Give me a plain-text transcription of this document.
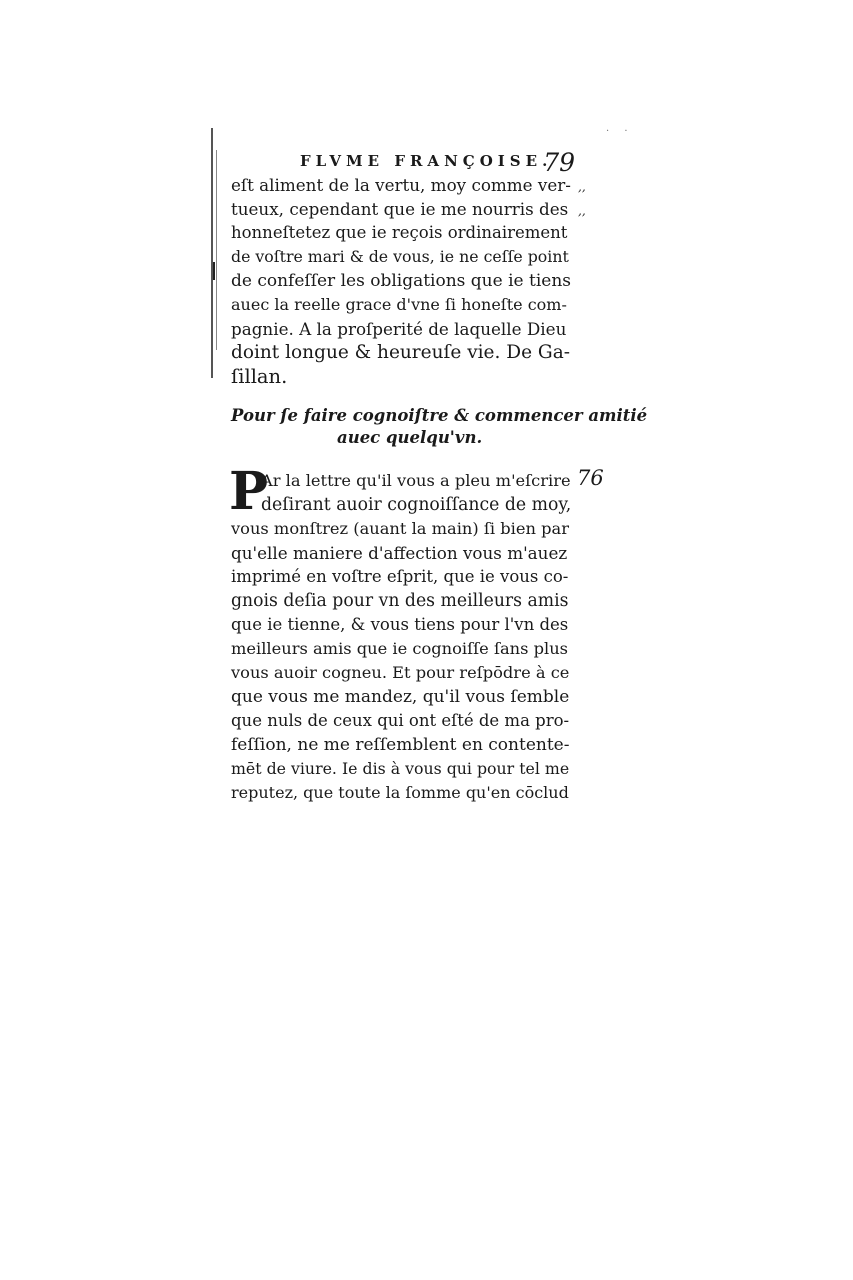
· ·
FLVME FRANÇOISE.
79
eſt aliment de la vertu, moy comme ver-
tueux, cependant que ie me nourris des
honneſtetez que ie reçois ordinairement
de voſtre mari & de vous, ie ne ceſſe point
de confeſſer les obligations que ie tiens
auec la reelle grace d'vne ſi honeſte com-
pagnie. A la proſperité de laquelle Dieu
doint longue & heureuſe vie. De Ga-
ſillan.
,,
,,
Pour ſe faire cognoiſtre & commencer amitié
auec quelqu'vn.
P	76
Ar la lettre qu'il vous a pleu m'eſcrire
deſirant auoir cognoiſſance de moy,
vous monſtrez (auant la main) ſi bien par
qu'elle maniere d'affection vous m'auez
imprimé en voſtre eſprit, que ie vous co-
gnois deſia pour vn des meilleurs amis
que ie tienne, & vous tiens pour l'vn des
meilleurs amis que ie cognoiſſe ſans plus
vous auoir cogneu. Et pour reſpōdre à ce
que vous me mandez, qu'il vous ſemble
que nuls de ceux qui ont eſté de ma pro-
feſſion, ne me reſſemblent en contente-
mēt de viure. Ie dis à vous qui pour tel me
reputez, que toute la ſomme qu'en cōclud
